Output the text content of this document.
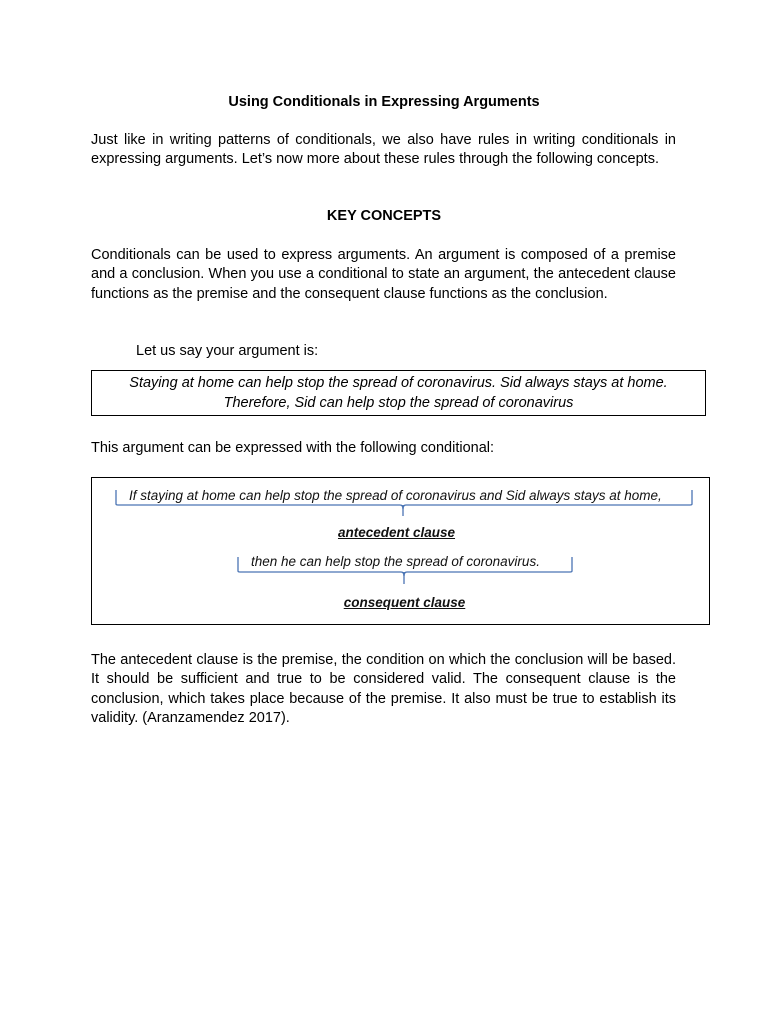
Using Conditionals in Expressing Arguments
Just like in writing patterns of conditionals, we also have rules in writing conditionals in expressing arguments. Let’s now more about these rules through the following concepts.
KEY CONCEPTS
Conditionals can be used to express arguments. An argument is composed of a premise and a conclusion. When you use a conditional to state an argument, the antecedent clause functions as the premise and the consequent clause functions as the conclusion.
Let us say your argument is:
Staying at home can help stop the spread of coronavirus. Sid always stays at home.
Therefore, Sid can help stop the spread of coronavirus
This argument can be expressed with the following conditional:
If staying at home can help stop the spread of coronavirus and Sid always stays at home,
antecedent clause
then he can help stop the spread of coronavirus.
consequent clause
The antecedent clause is the premise, the condition on which the conclusion will be based. It should be sufficient and true to be considered valid. The consequent clause is the conclusion, which takes place because of the premise. It also must be true to establish its validity. (Aranzamendez 2017).
